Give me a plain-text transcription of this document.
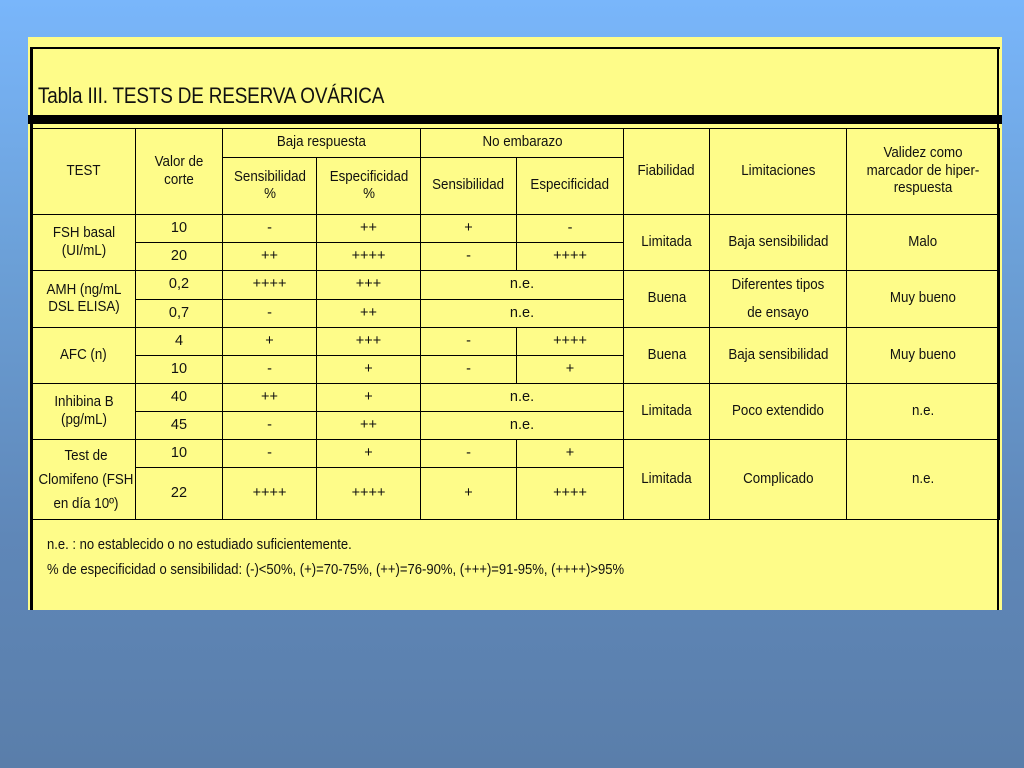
Tabla III. TESTS DE RESERVA OVÁRICA
TEST	Valor de corte	Baja respuesta		No embarazo		Fiabilidad	Limitaciones	Validez como marcador de hiper-respuesta
		Sensibilidad %	Especificidad %	Sensibilidad	Especificidad			
FSH basal (UI/mL)	10	-	++	+	-	Limitada	Baja sensibilidad	Malo
	20	++	++++	-	++++			
AMH (ng/mL DSL ELISA)	0,2	++++	+++	n.e.		Buena	Diferentes tipos de ensayo	Muy bueno
	0,7	-	++	n.e.				
AFC (n)	4	+	+++	-	++++	Buena	Baja sensibilidad	Muy bueno
	10	-	+	-	+			
Inhibina B (pg/mL)	40	++	+	n.e.		Limitada	Poco extendido	n.e.
	45	-	++	n.e.				
Test de Clomifeno (FSH en día 10º)	10	-	+	-	+	Limitada	Complicado	n.e.
	22	++++	++++	+	++++			
n.e. : no establecido o no estudiado suficientemente.
% de especificidad o sensibilidad: (-)<50%, (+)=70-75%, (++)=76-90%, (+++)=91-95%, (++++)>95%
